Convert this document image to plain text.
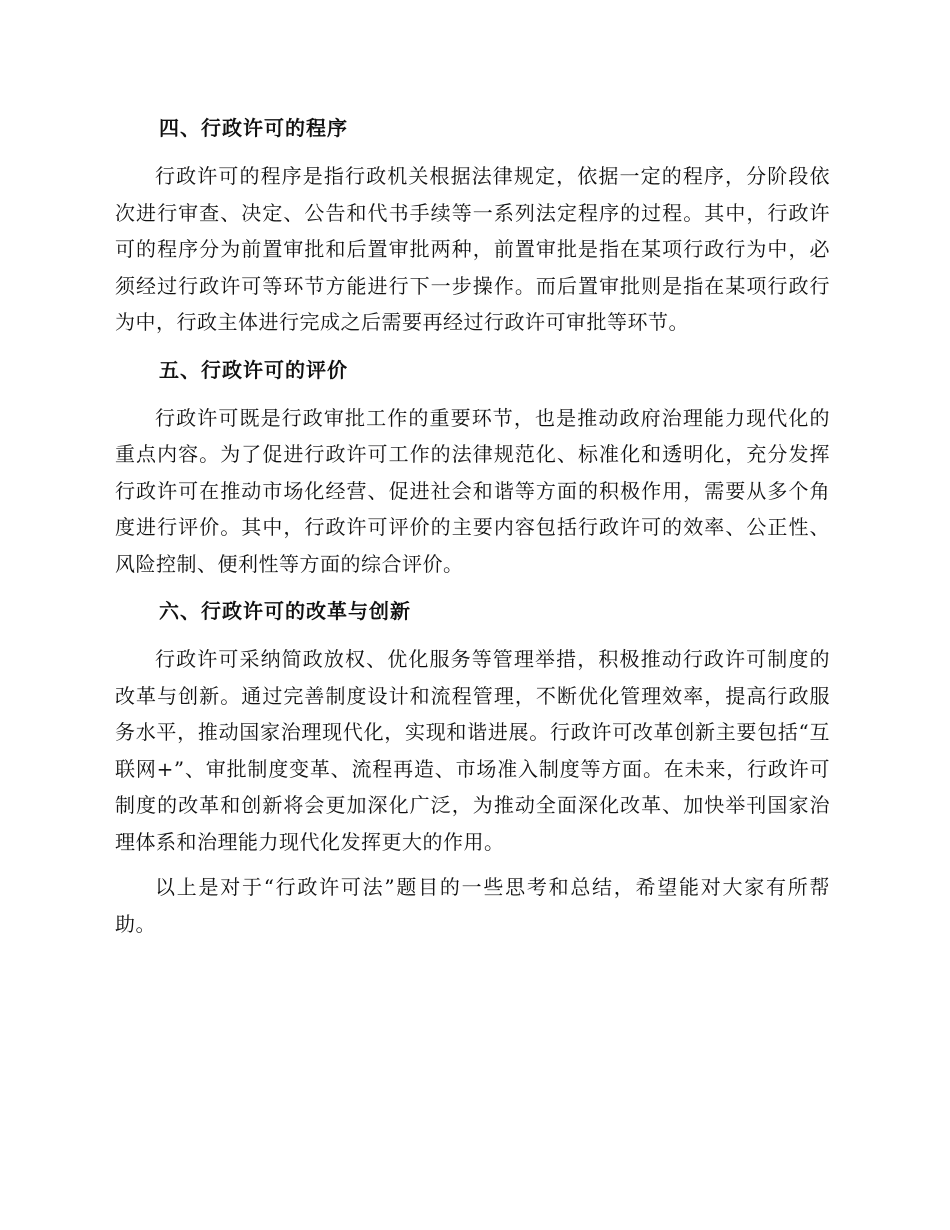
四、行政许可的程序

行政许可的程序是指行政机关根据法律规定，依据一定的程序，分阶段依次进行审查、决定、公告和代书手续等一系列法定程序的过程。其中，行政许可的程序分为前置审批和后置审批两种，前置审批是指在某项行政行为中，必须经过行政许可等环节方能进行下一步操作。而后置审批则是指在某项行政行为中，行政主体进行完成之后需要再经过行政许可审批等环节。

五、行政许可的评价

行政许可既是行政审批工作的重要环节，也是推动政府治理能力现代化的重点内容。为了促进行政许可工作的法律规范化、标准化和透明化，充分发挥行政许可在推动市场化经营、促进社会和谐等方面的积极作用，需要从多个角度进行评价。其中，行政许可评价的主要内容包括行政许可的效率、公正性、风险控制、便利性等方面的综合评价。

六、行政许可的改革与创新

行政许可采纳简政放权、优化服务等管理举措，积极推动行政许可制度的改革与创新。通过完善制度设计和流程管理，不断优化管理效率，提高行政服务水平，推动国家治理现代化，实现和谐进展。行政许可改革创新主要包括“互联网+”、审批制度变革、流程再造、市场准入制度等方面。在未来，行政许可制度的改革和创新将会更加深化广泛，为推动全面深化改革、加快举刊国家治理体系和治理能力现代化发挥更大的作用。

以上是对于“行政许可法”题目的一些思考和总结，希望能对大家有所帮助。
